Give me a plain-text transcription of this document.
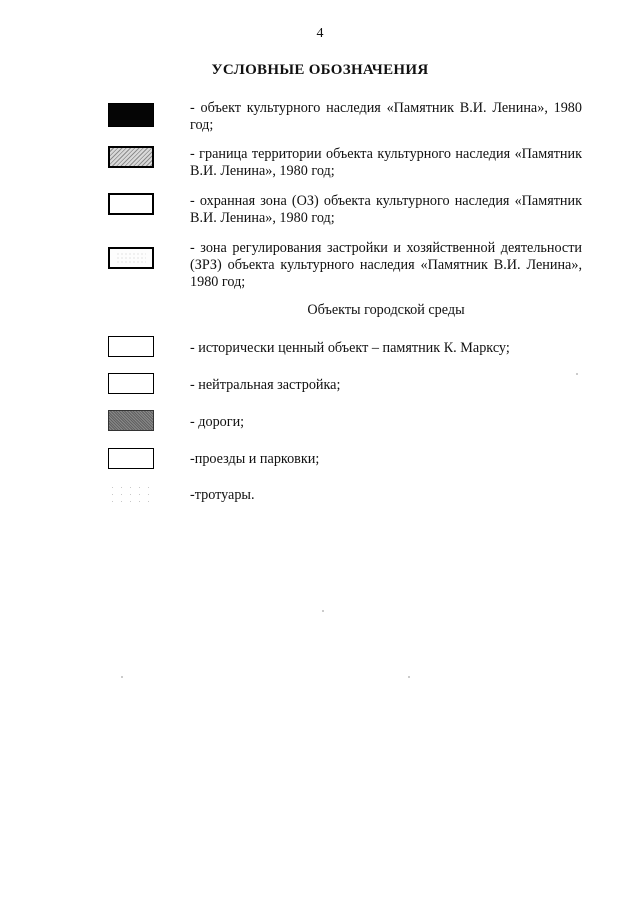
4
УСЛОВНЫЕ ОБОЗНАЧЕНИЯ
- объект культурного наследия «Памятник В.И. Ленина», 1980 год;
- граница территории объекта культурного наследия «Памятник В.И. Ленина», 1980 год;
- охранная зона (ОЗ) объекта культурного наследия «Памятник В.И. Ленина», 1980 год;
- зона регулирования застройки и хозяйственной деятельности (ЗРЗ) объекта культурного наследия «Памятник В.И. Ленина», 1980 год;
Объекты городской среды
- исторически ценный объект – памятник К. Марксу;
- нейтральная застройка;
- дороги;
-проезды и парковки;
-тротуары.
